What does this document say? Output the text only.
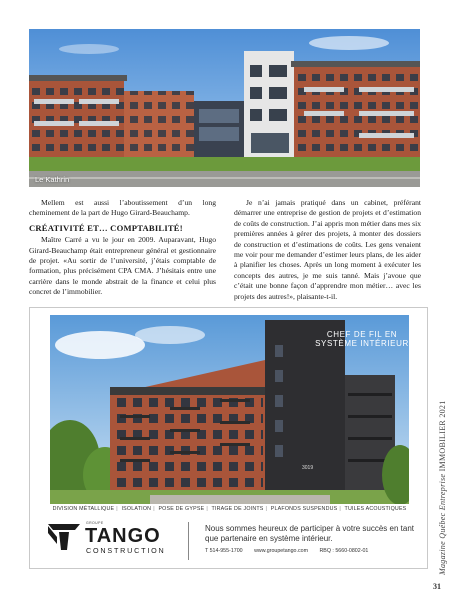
Le Kathrin

Mellem est aussi l’aboutissement d’un long cheminement de la part de Hugo Girard-Beauchamp.

CRÉATIVITÉ ET… COMPTABILITÉ!

Maître Carré a vu le jour en 2009. Auparavant, Hugo Girard-Beauchamp était entrepreneur général et gestionnaire de projet. «Au sortir de l’université, j’étais comptable de formation, plus précisément CPA CMA. J’hésitais entre une carrière dans le monde abstrait de la finance et celui plus concret de l’immobilier.

Je n’ai jamais pratiqué dans un cabinet, préférant démarrer une entreprise de gestion de projets et d’estimation de coûts de construction. J’ai appris mon métier dans mes six premières années à gérer des projets, à monter des dossiers de construction et d’estimations de coûts. Les gens venaient me voir pour me demander d’estimer leurs plans, de les aider à planifier les choses. Après un long moment à exécuter les concepts des autres, je me suis tanné. Mais j’avoue que c’était une bonne façon d’apprendre mon métier… avec les projets des autres!», plaisante-t-il.

3019
CHEF DE FIL EN
SYSTÈME INTÉRIEUR
DIVISION MÉTALLIQUE | ISOLATION | POSE DE GYPSE | TIRAGE DE JOINTS | PLAFONDS SUSPENDUS | TUILES ACOUSTIQUES
GROUPE
TANGO
CONSTRUCTION
Nous sommes heureux de participer à votre succès en tant que partenaire en système intérieur.
T 514-955-1700 www.groupetango.com RBQ : 5660-0802-01	Magazine Québec Entreprise IMMOBILIER 2021
31
